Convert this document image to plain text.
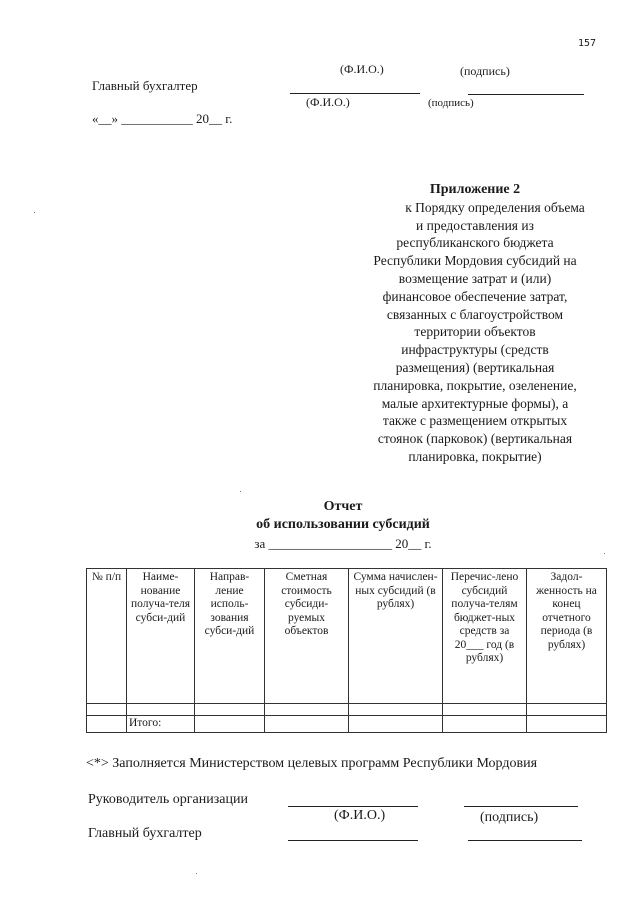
157
(Ф.И.О.)	(подпись)
Главный бухгалтер
(Ф.И.О.)	(подпись)
«__» ___________ 20__ г.
Приложение 2
к Порядку определения объема
и предоставления из
республиканского бюджета
Республики Мордовия субсидий на
возмещение затрат и (или)
финансовое обеспечение затрат,
связанных с благоустройством
территории объектов
инфраструктуры (средств
размещения) (вертикальная
планировка, покрытие, озеленение,
малые архитектурные формы), а
также с размещением открытых
стоянок (парковок) (вертикальная
планировка, покрытие)
Отчет
об использовании субсидий
за ___________________ 20__ г.
№ п/п	Наиме-нование получа-теля субси-дий	Направ-ление исполь-зования субси-дий	Сметная стоимость субсиди-руемых объектов	Сумма начислен-ных субсидий (в рублях)	Перечис-лено субсидий получа-телям бюджет-ных средств за 20___ год (в рублях)	Задол-женность на конец отчетного периода (в рублях)

	Итого:					
<*> Заполняется Министерством целевых программ Республики Мордовия
Руководитель организации
(Ф.И.О.)	(подпись)
Главный бухгалтер
